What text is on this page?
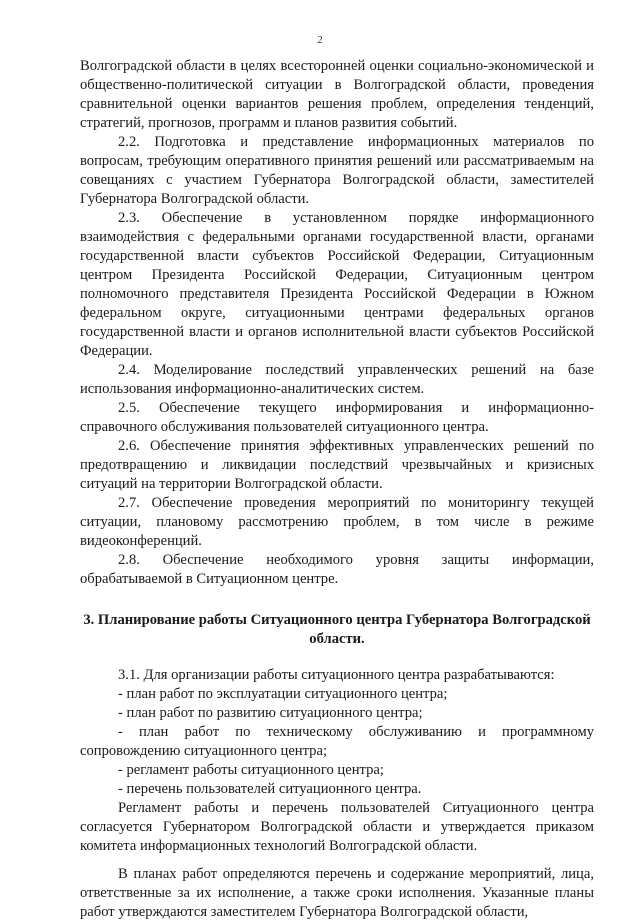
2

Волгоградской области в целях всесторонней оценки социально-экономической и общественно-политической ситуации в Волгоградской области, проведения сравнительной оценки вариантов решения проблем, определения тенденций, стратегий, прогнозов, программ и планов развития событий.

2.2. Подготовка и представление информационных материалов по вопросам, требующим оперативного принятия решений или рассматриваемым на совещаниях с участием Губернатора Волгоградской области, заместителей Губернатора Волгоградской области.

2.3. Обеспечение в установленном порядке информационного взаимодействия с федеральными органами государственной власти, органами государственной власти субъектов Российской Федерации, Ситуационным центром Президента Российской Федерации, Ситуационным центром полномочного представителя Президента Российской Федерации в Южном федеральном округе, ситуационными центрами федеральных органов государственной власти и органов исполнительной власти субъектов Российской Федерации.

2.4. Моделирование последствий управленческих решений на базе использования информационно-аналитических систем.

2.5. Обеспечение текущего информирования и информационно-справочного обслуживания пользователей ситуационного центра.

2.6. Обеспечение принятия эффективных управленческих решений по предотвращению и ликвидации последствий чрезвычайных и кризисных ситуаций на территории Волгоградской области.

2.7. Обеспечение проведения мероприятий по мониторингу текущей ситуации, плановому рассмотрению проблем, в том числе в режиме видеоконференций.

2.8. Обеспечение необходимого уровня защиты информации, обрабатываемой в Ситуационном центре.

3. Планирование работы Ситуационного центра Губернатора Волгоградской области.

3.1. Для организации работы ситуационного центра разрабатываются:

- план работ по эксплуатации ситуационного центра;

- план работ по развитию ситуационного центра;

- план работ по техническому обслуживанию и программному сопровождению ситуационного центра;

- регламент работы ситуационного центра;

- перечень пользователей ситуационного центра.

Регламент работы и перечень пользователей Ситуационного центра согласуется Губернатором Волгоградской области и утверждается приказом комитета информационных технологий Волгоградской области.

В планах работ определяются перечень и содержание мероприятий, лица, ответственные за их исполнение, а также сроки исполнения. Указанные планы работ утверждаются заместителем Губернатора Волгоградской области,
